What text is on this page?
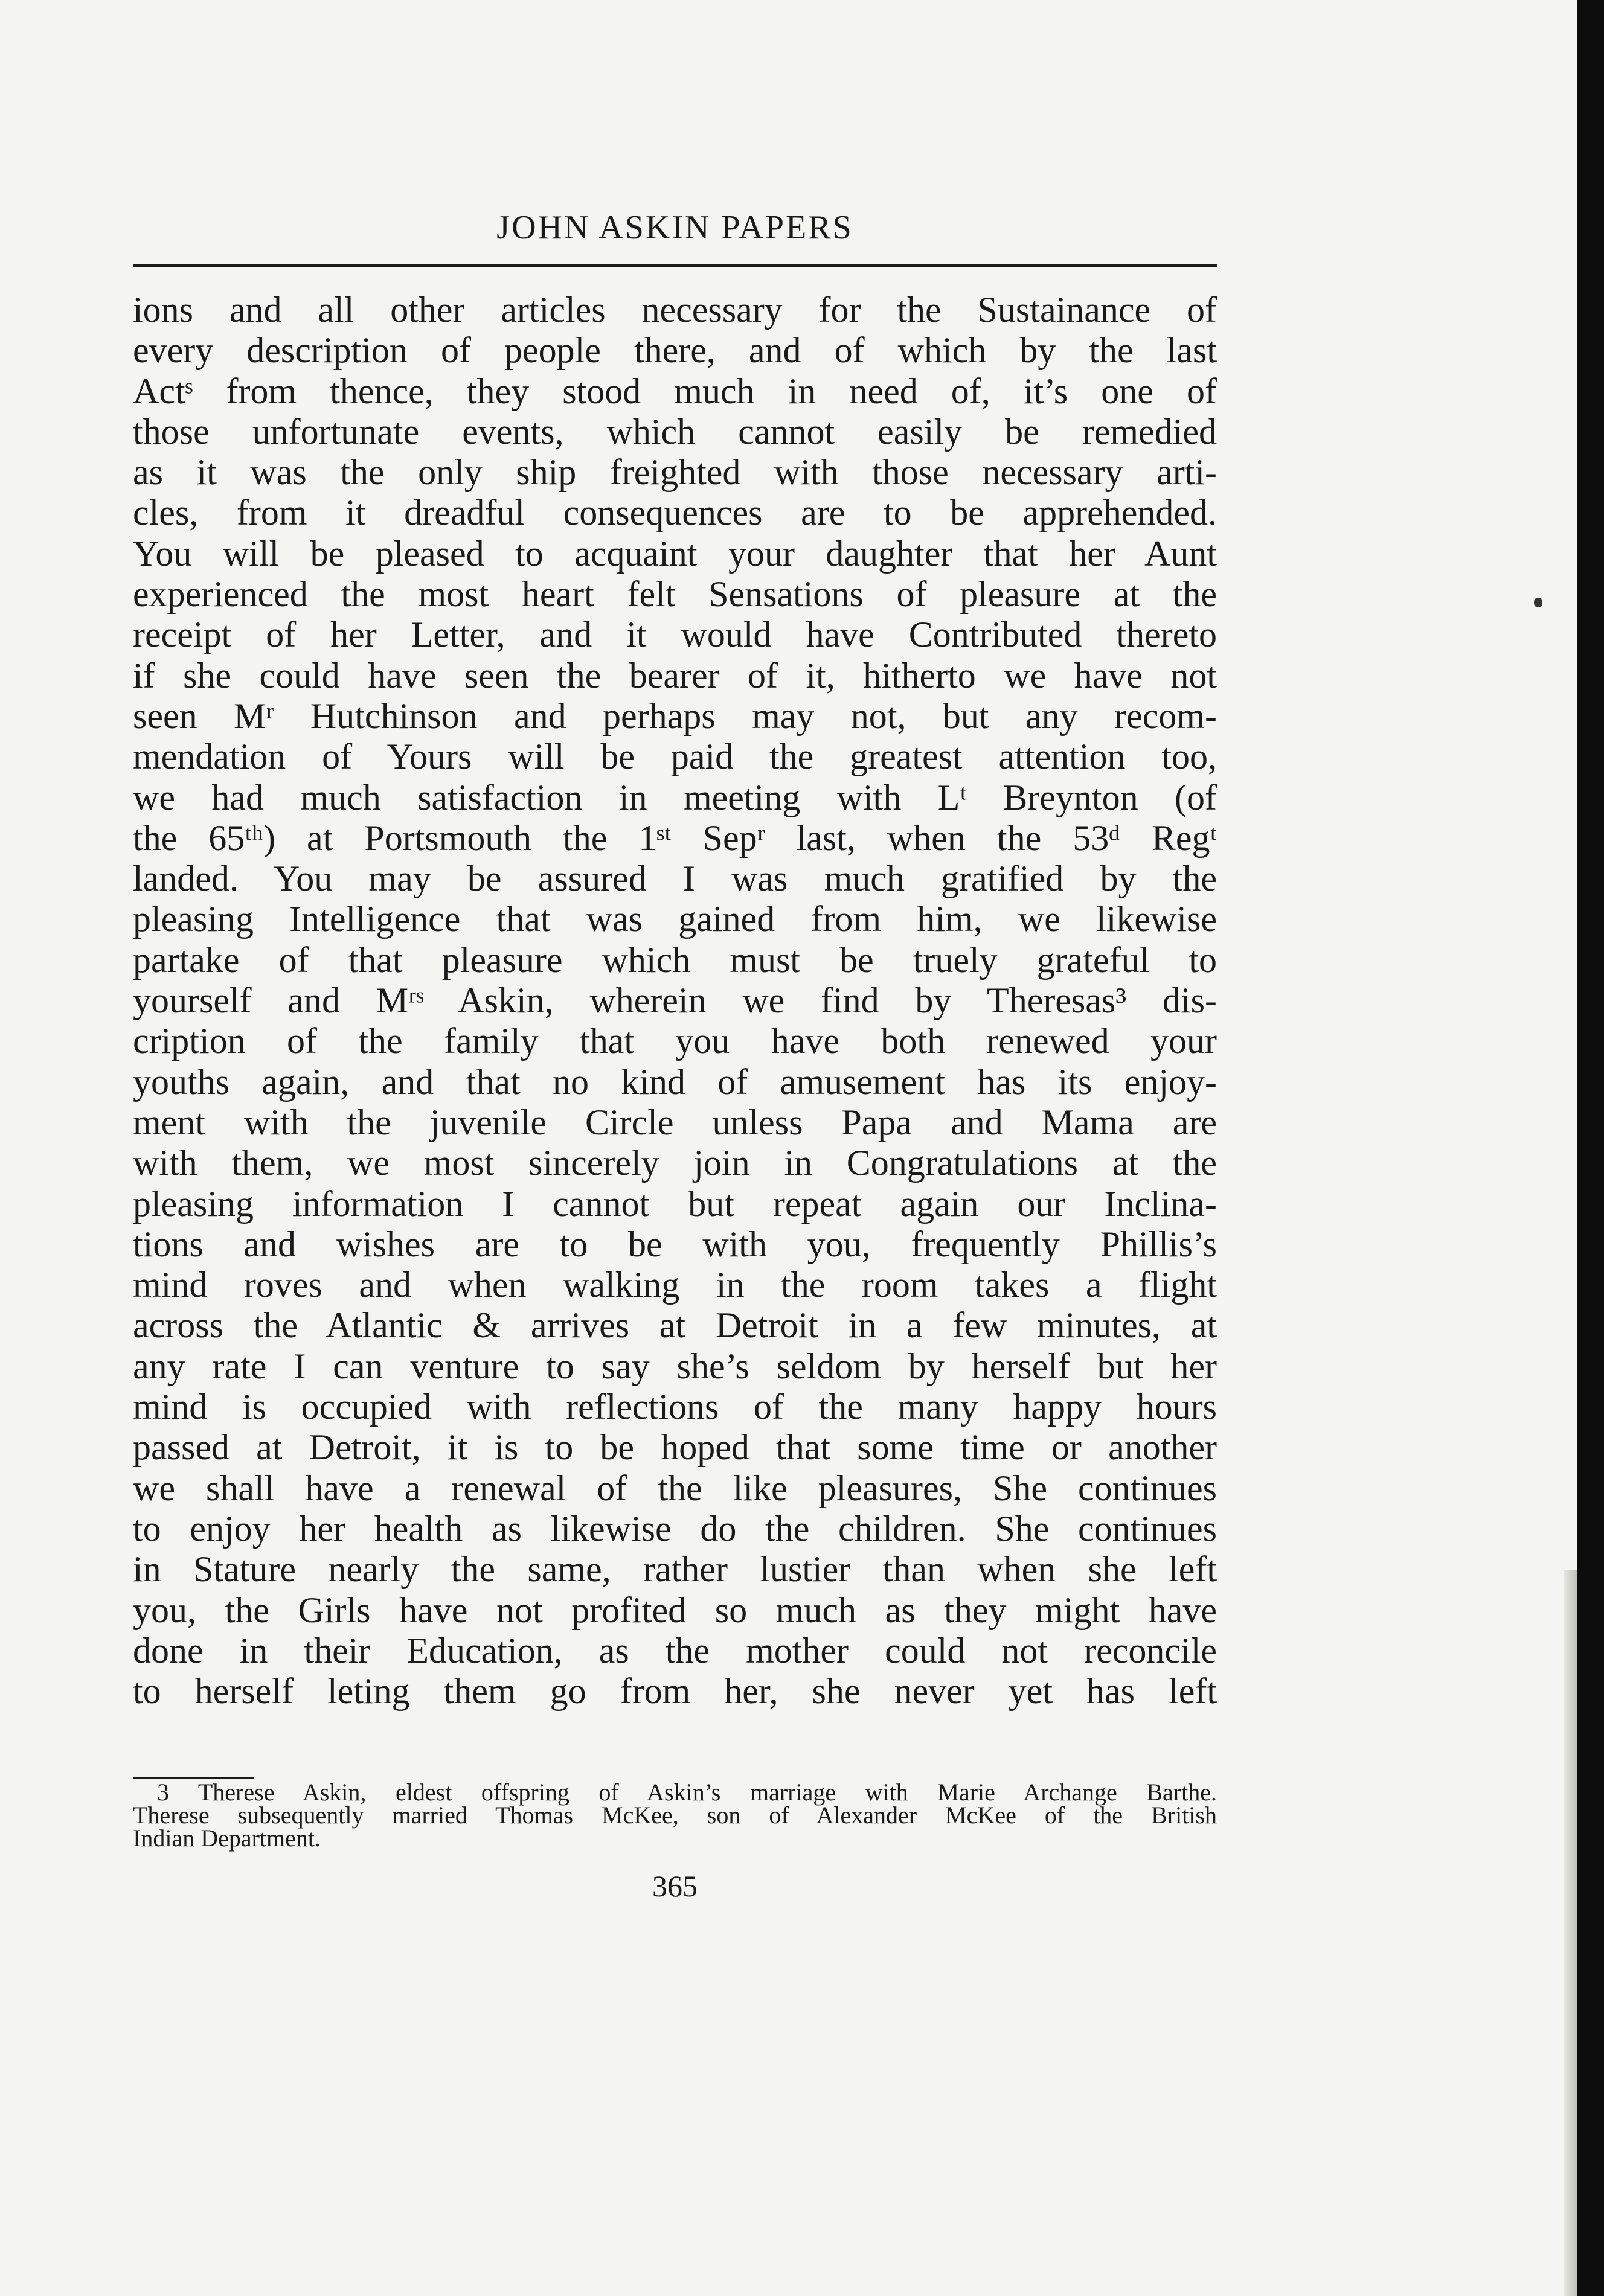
JOHN ASKIN PAPERS
ions and all other articles necessary for the Sustainance of
every description of people there, and of which by the last
Actˢ from thence, they stood much in need of, it’s one of
those unfortunate events, which cannot easily be remedied
as it was the only ship freighted with those necessary arti-
cles, from it dreadful consequences are to be apprehended.
You will be pleased to acquaint your daughter that her Aunt
experienced the most heart felt Sensations of pleasure at the
receipt of her Letter, and it would have Contributed thereto
if she could have seen the bearer of it, hitherto we have not
seen Mʳ Hutchinson and perhaps may not, but any recom-
mendation of Yours will be paid the greatest attention too,
we had much satisfaction in meeting with Lᵗ Breynton (of
the 65ᵗʰ) at Portsmouth the 1ˢᵗ Sepʳ last, when the 53ᵈ Regᵗ
landed. You may be assured I was much gratified by the
pleasing Intelligence that was gained from him, we likewise
partake of that pleasure which must be truely grateful to
yourself and Mʳˢ Askin, wherein we find by Theresas³ dis-
cription of the family that you have both renewed your
youths again, and that no kind of amusement has its enjoy-
ment with the juvenile Circle unless Papa and Mama are
with them, we most sincerely join in Congratulations at the
pleasing information I cannot but repeat again our Inclina-
tions and wishes are to be with you, frequently Phillis’s
mind roves and when walking in the room takes a flight
across the Atlantic & arrives at Detroit in a few minutes, at
any rate I can venture to say she’s seldom by herself but her
mind is occupied with reflections of the many happy hours
passed at Detroit, it is to be hoped that some time or another
we shall have a renewal of the like pleasures, She continues
to enjoy her health as likewise do the children. She continues
in Stature nearly the same, rather lustier than when she left
you, the Girls have not profited so much as they might have
done in their Education, as the mother could not reconcile
to herself leting them go from her, she never yet has left
3 Therese Askin, eldest offspring of Askin’s marriage with Marie Archange Barthe.
Therese subsequently married Thomas McKee, son of Alexander McKee of the British
Indian Department.
365
